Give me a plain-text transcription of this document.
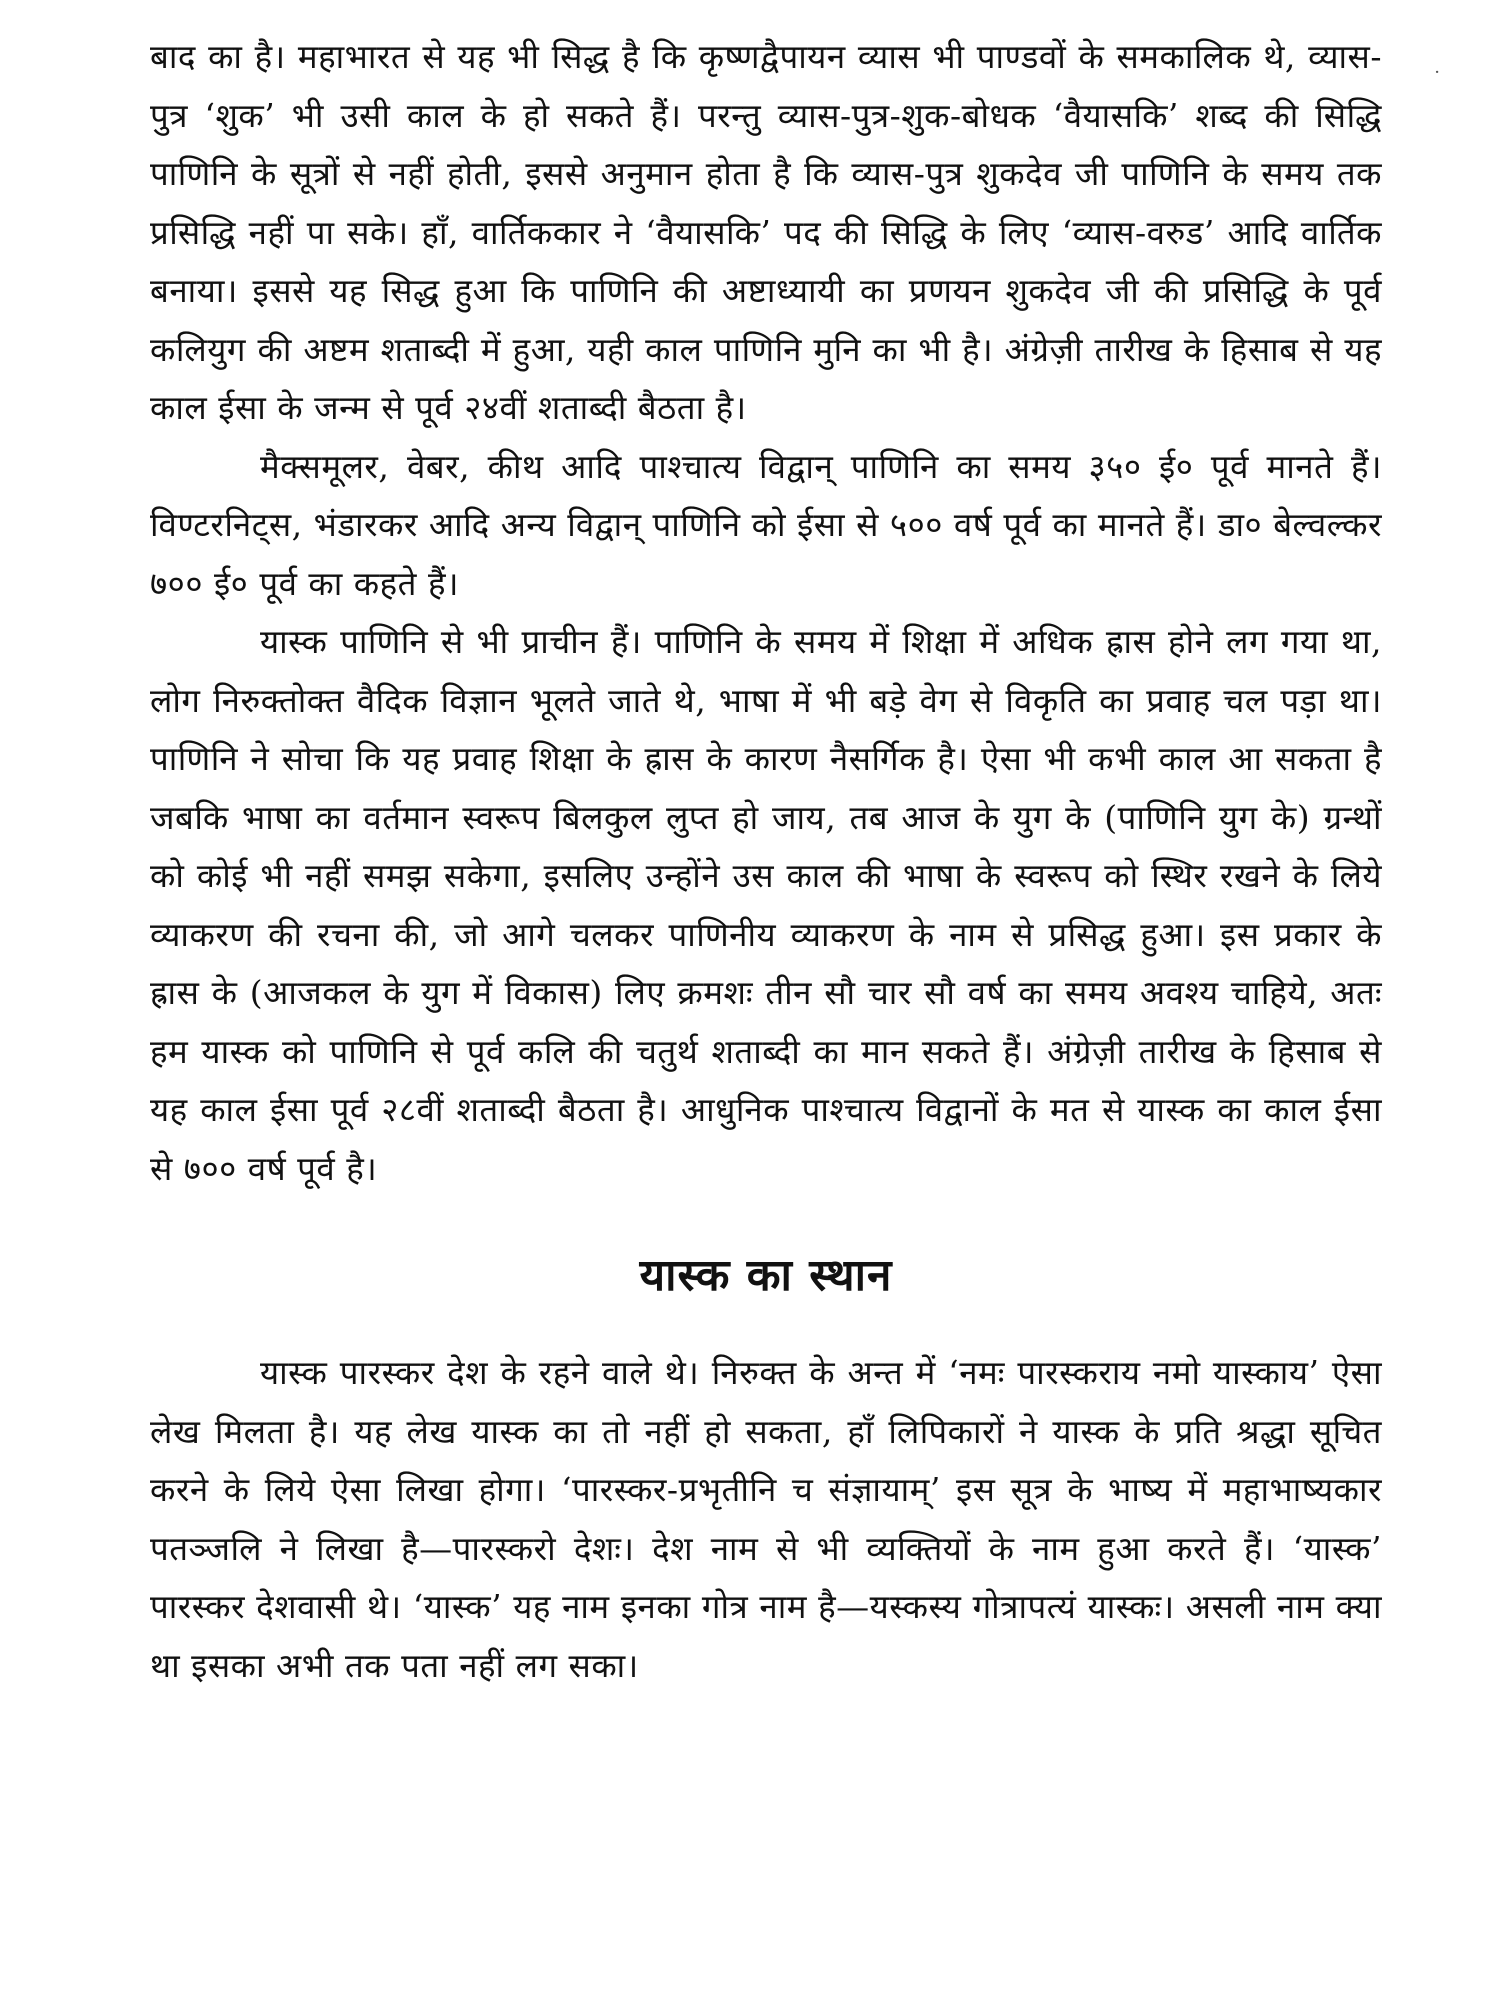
·

बाद का है। महाभारत से यह भी सिद्ध है कि कृष्णद्वैपायन व्यास भी पाण्डवों के समकालिक थे, व्यास-पुत्र ‘शुक’ भी उसी काल के हो सकते हैं। परन्तु व्यास-पुत्र-शुक-बोधक ‘वैयासकि’ शब्द की सिद्धि पाणिनि के सूत्रों से नहीं होती, इससे अनुमान होता है कि व्यास-पुत्र शुकदेव जी पाणिनि के समय तक प्रसिद्धि नहीं पा सके। हाँ, वार्तिककार ने ‘वैयासकि’ पद की सिद्धि के लिए ‘व्यास-वरुड’ आदि वार्तिक बनाया। इससे यह सिद्ध हुआ कि पाणिनि की अष्टाध्यायी का प्रणयन शुकदेव जी की प्रसिद्धि के पूर्व कलियुग की अष्टम शताब्दी में हुआ, यही काल पाणिनि मुनि का भी है। अंग्रेज़ी तारीख के हिसाब से यह काल ईसा के जन्म से पूर्व २४वीं शताब्दी बैठता है।

मैक्समूलर, वेबर, कीथ आदि पाश्चात्य विद्वान् पाणिनि का समय ३५० ई० पूर्व मानते हैं। विण्टरनिट्स, भंडारकर आदि अन्य विद्वान् पाणिनि को ईसा से ५०० वर्ष पूर्व का मानते हैं। डा० बेल्वल्कर ७०० ई० पूर्व का कहते हैं।

यास्क पाणिनि से भी प्राचीन हैं। पाणिनि के समय में शिक्षा में अधिक ह्रास होने लग गया था, लोग निरुक्तोक्त वैदिक विज्ञान भूलते जाते थे, भाषा में भी बड़े वेग से विकृति का प्रवाह चल पड़ा था। पाणिनि ने सोचा कि यह प्रवाह शिक्षा के ह्रास के कारण नैसर्गिक है। ऐसा भी कभी काल आ सकता है जबकि भाषा का वर्तमान स्वरूप बिलकुल लुप्त हो जाय, तब आज के युग के (पाणिनि युग के) ग्रन्थों को कोई भी नहीं समझ सकेगा, इसलिए उन्होंने उस काल की भाषा के स्वरूप को स्थिर रखने के लिये व्याकरण की रचना की, जो आगे चलकर पाणिनीय व्याकरण के नाम से प्रसिद्ध हुआ। इस प्रकार के ह्रास के (आजकल के युग में विकास) लिए क्रमशः तीन सौ चार सौ वर्ष का समय अवश्य चाहिये, अतः हम यास्क को पाणिनि से पूर्व कलि की चतुर्थ शताब्दी का मान सकते हैं। अंग्रेज़ी तारीख के हिसाब से यह काल ईसा पूर्व २८वीं शताब्दी बैठता है। आधुनिक पाश्चात्य विद्वानों के मत से यास्क का काल ईसा से ७०० वर्ष पूर्व है।

यास्क का स्थान

यास्क पारस्कर देश के रहने वाले थे। निरुक्त के अन्त में ‘नमः पारस्कराय नमो यास्काय’ ऐसा लेख मिलता है। यह लेख यास्क का तो नहीं हो सकता, हाँ लिपिकारों ने यास्क के प्रति श्रद्धा सूचित करने के लिये ऐसा लिखा होगा। ‘पारस्कर-प्रभृतीनि च संज्ञायाम्’ इस सूत्र के भाष्य में महाभाष्यकार पतञ्जलि ने लिखा है—पारस्करो देशः। देश नाम से भी व्यक्तियों के नाम हुआ करते हैं। ‘यास्क’ पारस्कर देशवासी थे। ‘यास्क’ यह नाम इनका गोत्र नाम है—यस्कस्य गोत्रापत्यं यास्कः। असली नाम क्या था इसका अभी तक पता नहीं लग सका।
